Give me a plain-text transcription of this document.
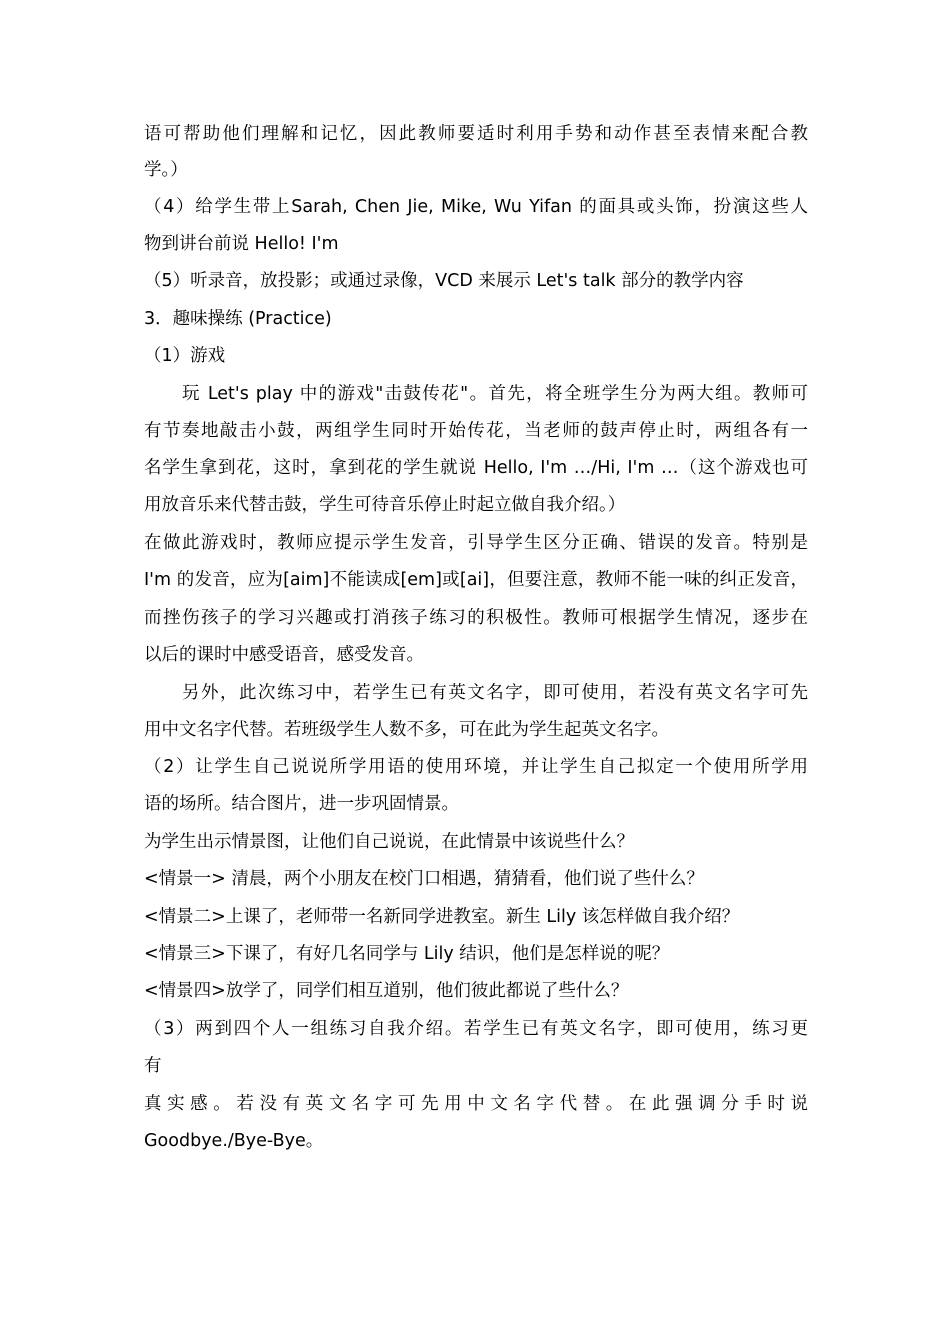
语可帮助他们理解和记忆，因此教师要适时利用手势和动作甚至表情来配合教
学。）
（4）给学生带上Sarah, Chen Jie, Mike, Wu Yifan 的面具或头饰，扮演这些人
物到讲台前说 Hello! I'm
（5）听录音，放投影；或通过录像，VCD 来展示 Let's talk 部分的教学内容
3．趣味操练 (Practice)
（1）游戏
玩 Let's play 中的游戏"击鼓传花"。首先，将全班学生分为两大组。教师可
有节奏地敲击小鼓，两组学生同时开始传花，当老师的鼓声停止时，两组各有一
名学生拿到花，这时，拿到花的学生就说 Hello, I'm …/Hi, I'm …（这个游戏也可
用放音乐来代替击鼓，学生可待音乐停止时起立做自我介绍。）
在做此游戏时，教师应提示学生发音，引导学生区分正确、错误的发音。特别是
I'm 的发音，应为[aim]不能读成[em]或[ai]，但要注意，教师不能一味的纠正发音，
而挫伤孩子的学习兴趣或打消孩子练习的积极性。教师可根据学生情况，逐步在
以后的课时中感受语音，感受发音。
另外，此次练习中，若学生已有英文名字，即可使用，若没有英文名字可先
用中文名字代替。若班级学生人数不多，可在此为学生起英文名字。
（2）让学生自己说说所学用语的使用环境，并让学生自己拟定一个使用所学用
语的场所。结合图片，进一步巩固情景。
为学生出示情景图，让他们自己说说，在此情景中该说些什么？
<情景一> 清晨，两个小朋友在校门口相遇，猜猜看，他们说了些什么？
<情景二>上课了，老师带一名新同学进教室。新生 Lily 该怎样做自我介绍？
<情景三>下课了，有好几名同学与 Lily 结识，他们是怎样说的呢？
<情景四>放学了，同学们相互道别，他们彼此都说了些什么？
（3）两到四个人一组练习自我介绍。若学生已有英文名字，即可使用，练习更
有
真实感。若没有英文名字可先用中文名字代替。在此强调分手时说
Goodbye./Bye-Bye。
